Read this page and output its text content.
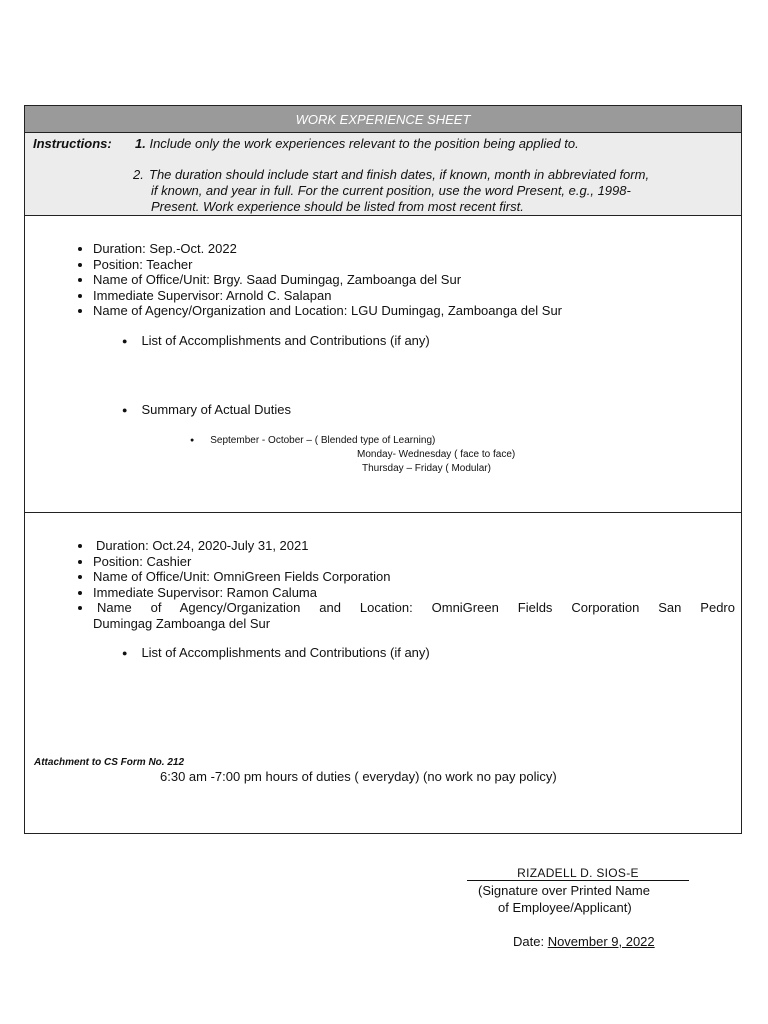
WORK EXPERIENCE SHEET
Instructions: 1. Include only the work experiences relevant to the position being applied to.
2. The duration should include start and finish dates, if known, month in abbreviated form,
if known, and year in full. For the current position, use the word Present, e.g., 1998-
Present. Work experience should be listed from most recent first.
• Duration: Sep.-Oct. 2022
• Position: Teacher
• Name of Office/Unit: Brgy. Saad Dumingag, Zamboanga del Sur
• Immediate Supervisor: Arnold C. Salapan
• Name of Agency/Organization and Location: LGU Dumingag, Zamboanga del Sur
● List of Accomplishments and Contributions (if any)
● Summary of Actual Duties
● September - October – ( Blended type of Learning)
Monday- Wednesday ( face to face)
Thursday – Friday ( Modular)
• Duration: Oct.24, 2020-July 31, 2021
• Position: Cashier
• Name of Office/Unit: OmniGreen Fields Corporation
• Immediate Supervisor: Ramon Caluma
• Name of Agency/Organization and Location: OmniGreen Fields Corporation San Pedro
Dumingag Zamboanga del Sur
● List of Accomplishments and Contributions (if any)
6:30 am -7:00 pm hours of duties ( everyday) (no work no pay policy)
Attachment to CS Form No. 212
RIZADELL D. SIOS-E
(Signature over Printed Name
of Employee/Applicant)
Date: November 9, 2022
